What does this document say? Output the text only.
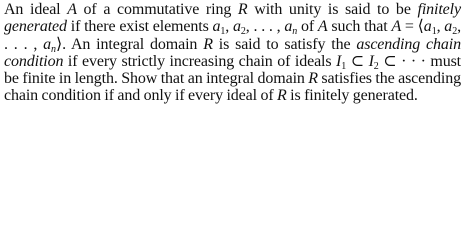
An ideal A of a commutative ring R with unity is said to be finitely generated if there exist elements $a_1$, $a_2$, . . . , $a_n$ of A such that $A = ⟨a_1$, $a_2$, . . . , $a_n⟩$. An integral domain R is said to satisfy the ascending chain condition if every strictly increasing chain of ideals $I_1$ ⊂ $I_2$ ⊂ · · · must be finite in length. Show that an integral domain R satisfies the ascending chain condition if and only if every ideal of R is finitely generated.
